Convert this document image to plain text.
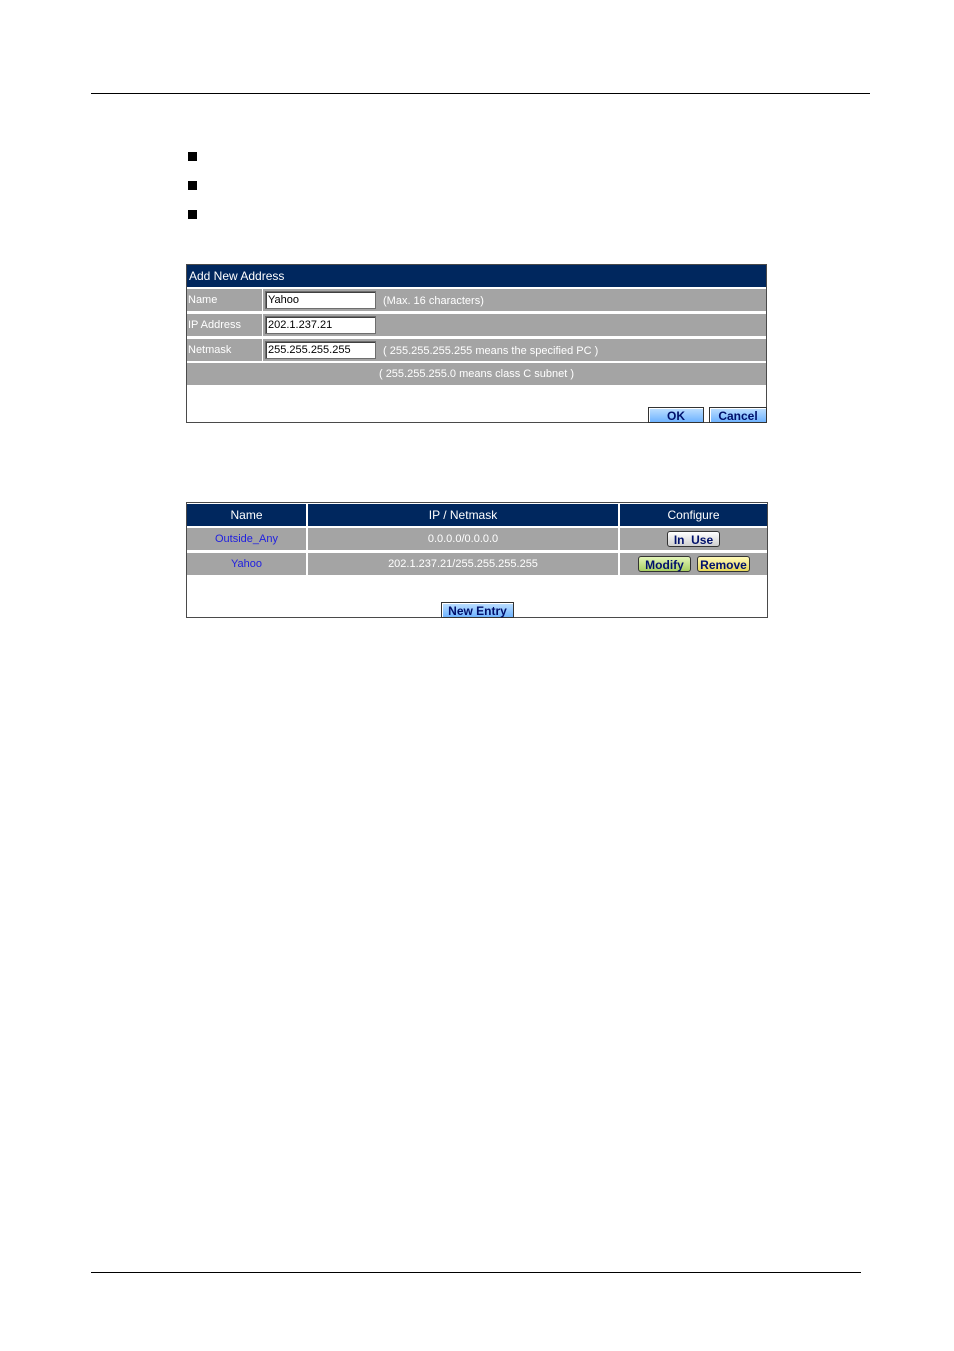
Add New Address
Name	Yahoo	(Max. 16 characters)
IP Address	202.1.237.21
Netmask	255.255.255.255	( 255.255.255.255 means the specified PC )
( 255.255.255.0 means class C subnet )
OK	Cancel
Name	IP / Netmask	Configure
Outside_Any	0.0.0.0/0.0.0.0	In  Use
Yahoo	202.1.237.21/255.255.255.255	Modify	Remove
New Entry
